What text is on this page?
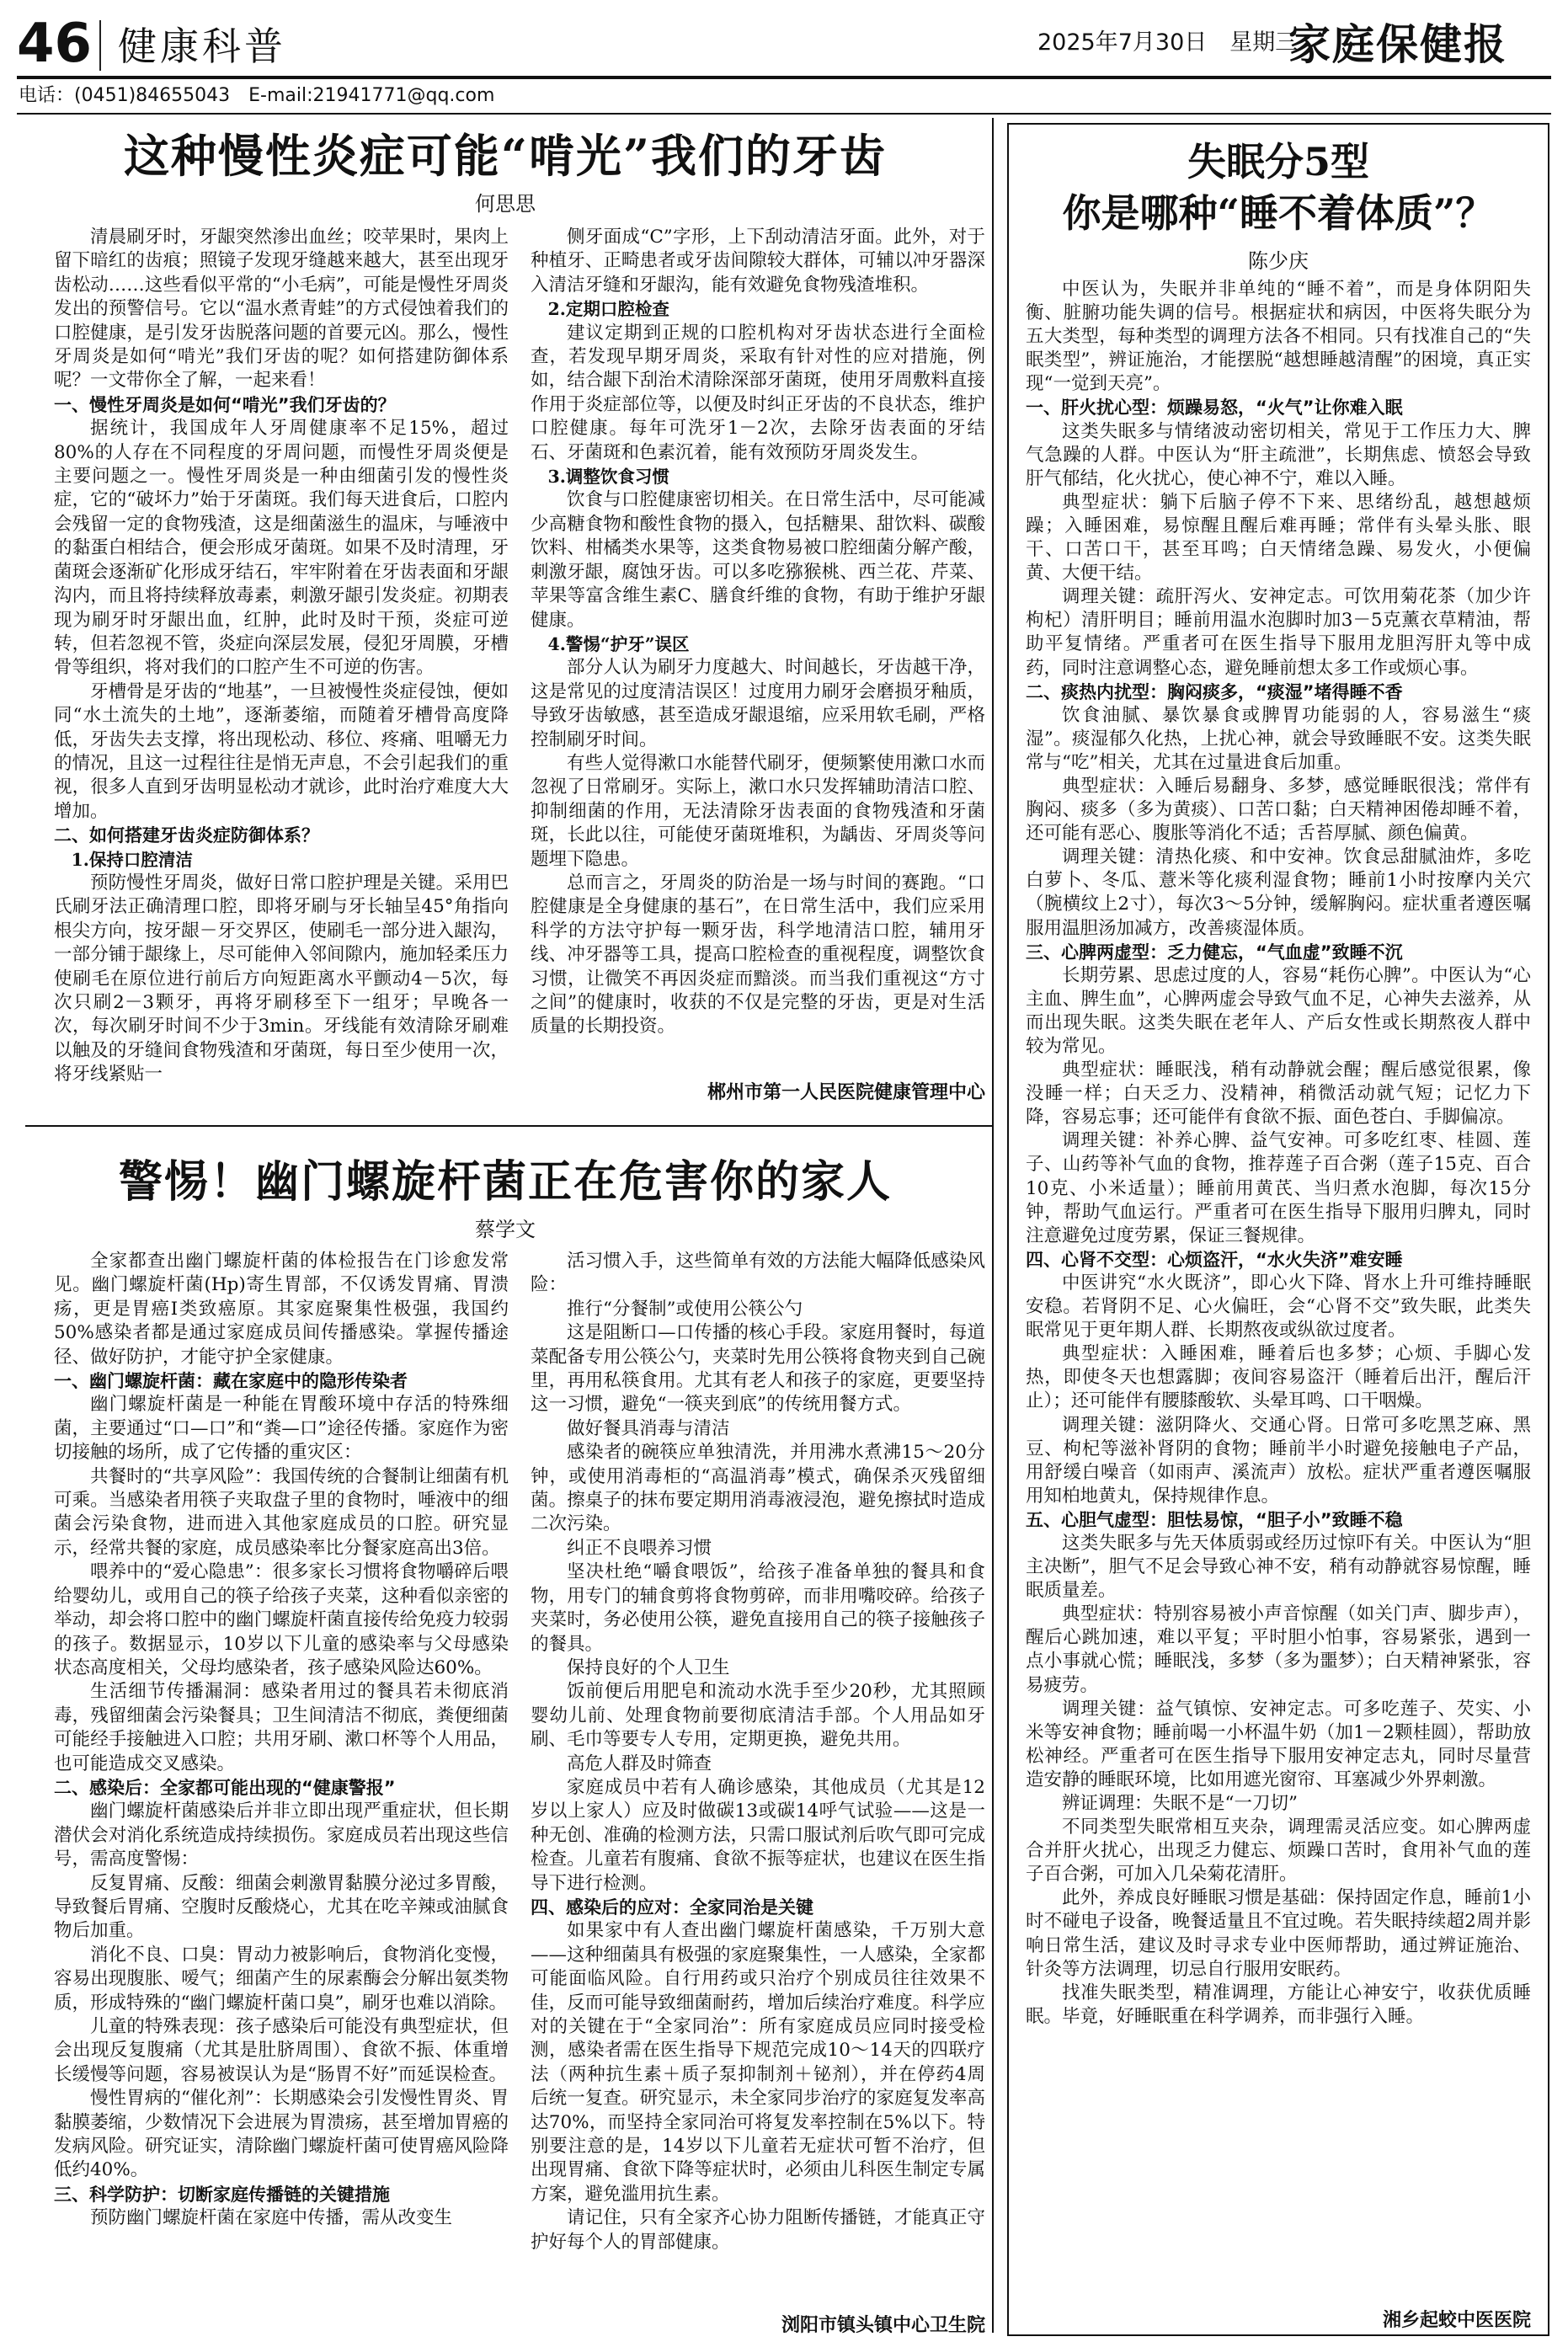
46 健康科普	2025年7月30日　星期三
家庭保健报
电话：(0451)84655043　E-mail:21941771@qq.com
这种慢性炎症可能“啃光”我们的牙齿
何思思

清晨刷牙时，牙龈突然渗出血丝；咬苹果时，果肉上留下暗红的齿痕；照镜子发现牙缝越来越大，甚至出现牙齿松动……这些看似平常的“小毛病”，可能是慢性牙周炎发出的预警信号。它以“温水煮青蛙”的方式侵蚀着我们的口腔健康，是引发牙齿脱落问题的首要元凶。那么，慢性牙周炎是如何“啃光”我们牙齿的呢？如何搭建防御体系呢？一文带你全了解，一起来看！

一、慢性牙周炎是如何“啃光”我们牙齿的？

据统计，我国成年人牙周健康率不足15%，超过80%的人存在不同程度的牙周问题，而慢性牙周炎便是主要问题之一。慢性牙周炎是一种由细菌引发的慢性炎症，它的“破坏力”始于牙菌斑。我们每天进食后，口腔内会残留一定的食物残渣，这是细菌滋生的温床，与唾液中的黏蛋白相结合，便会形成牙菌斑。如果不及时清理，牙菌斑会逐渐矿化形成牙结石，牢牢附着在牙齿表面和牙龈沟内，而且将持续释放毒素，刺激牙龈引发炎症。初期表现为刷牙时牙龈出血，红肿，此时及时干预，炎症可逆转，但若忽视不管，炎症向深层发展，侵犯牙周膜，牙槽骨等组织，将对我们的口腔产生不可逆的伤害。

牙槽骨是牙齿的“地基”，一旦被慢性炎症侵蚀，便如同“水土流失的土地”，逐渐萎缩，而随着牙槽骨高度降低，牙齿失去支撑，将出现松动、移位、疼痛、咀嚼无力的情况，且这一过程往往是悄无声息，不会引起我们的重视，很多人直到牙齿明显松动才就诊，此时治疗难度大大增加。

二、如何搭建牙齿炎症防御体系？

1.保持口腔清洁

预防慢性牙周炎，做好日常口腔护理是关键。采用巴氏刷牙法正确清理口腔，即将牙刷与牙长轴呈45°角指向根尖方向，按牙龈－牙交界区，使刷毛一部分进入龈沟，一部分铺于龈缘上，尽可能伸入邻间隙内，施加轻柔压力使刷毛在原位进行前后方向短距离水平颤动4－5次，每次只刷2－3颗牙，再将牙刷移至下一组牙；早晚各一次，每次刷牙时间不少于3min。牙线能有效清除牙刷难以触及的牙缝间食物残渣和牙菌斑，每日至少使用一次，将牙线紧贴一

侧牙面成“C”字形，上下刮动清洁牙面。此外，对于种植牙、正畸患者或牙齿间隙较大群体，可辅以冲牙器深入清洁牙缝和牙龈沟，能有效避免食物残渣堆积。

2.定期口腔检查

建议定期到正规的口腔机构对牙齿状态进行全面检查，若发现早期牙周炎，采取有针对性的应对措施，例如，结合龈下刮治术清除深部牙菌斑，使用牙周敷料直接作用于炎症部位等，以便及时纠正牙齿的不良状态，维护口腔健康。每年可洗牙1－2次，去除牙齿表面的牙结石、牙菌斑和色素沉着，能有效预防牙周炎发生。

3.调整饮食习惯

饮食与口腔健康密切相关。在日常生活中，尽可能减少高糖食物和酸性食物的摄入，包括糖果、甜饮料、碳酸饮料、柑橘类水果等，这类食物易被口腔细菌分解产酸，刺激牙龈，腐蚀牙齿。可以多吃猕猴桃、西兰花、芹菜、苹果等富含维生素C、膳食纤维的食物，有助于维护牙龈健康。

4.警惕“护牙”误区

部分人认为刷牙力度越大、时间越长，牙齿越干净，这是常见的过度清洁误区！过度用力刷牙会磨损牙釉质，导致牙齿敏感，甚至造成牙龈退缩，应采用软毛刷，严格控制刷牙时间。

有些人觉得漱口水能替代刷牙，便频繁使用漱口水而忽视了日常刷牙。实际上，漱口水只发挥辅助清洁口腔、抑制细菌的作用，无法清除牙齿表面的食物残渣和牙菌斑，长此以往，可能使牙菌斑堆积，为龋齿、牙周炎等问题埋下隐患。

总而言之，牙周炎的防治是一场与时间的赛跑。“口腔健康是全身健康的基石”，在日常生活中，我们应采用科学的方法守护每一颗牙齿，科学地清洁口腔，辅用牙线、冲牙器等工具，提高口腔检查的重视程度，调整饮食习惯，让微笑不再因炎症而黯淡。而当我们重视这“方寸之间”的健康时，收获的不仅是完整的牙齿，更是对生活质量的长期投资。

郴州市第一人民医院健康管理中心
警惕！幽门螺旋杆菌正在危害你的家人
蔡学文

全家都查出幽门螺旋杆菌的体检报告在门诊愈发常见。幽门螺旋杆菌(Hp)寄生胃部，不仅诱发胃痛、胃溃疡，更是胃癌Ⅰ类致癌原。其家庭聚集性极强，我国约50%感染者都是通过家庭成员间传播感染。掌握传播途径、做好防护，才能守护全家健康。

一、幽门螺旋杆菌：藏在家庭中的隐形传染者

幽门螺旋杆菌是一种能在胃酸环境中存活的特殊细菌，主要通过“口—口”和“粪—口”途径传播。家庭作为密切接触的场所，成了它传播的重灾区：

共餐时的“共享风险”：我国传统的合餐制让细菌有机可乘。当感染者用筷子夹取盘子里的食物时，唾液中的细菌会污染食物，进而进入其他家庭成员的口腔。研究显示，经常共餐的家庭，成员感染率比分餐家庭高出3倍。

喂养中的“爱心隐患”：很多家长习惯将食物嚼碎后喂给婴幼儿，或用自己的筷子给孩子夹菜，这种看似亲密的举动，却会将口腔中的幽门螺旋杆菌直接传给免疫力较弱的孩子。数据显示，10岁以下儿童的感染率与父母感染状态高度相关，父母均感染者，孩子感染风险达60%。

生活细节传播漏洞：感染者用过的餐具若未彻底消毒，残留细菌会污染餐具；卫生间清洁不彻底，粪便细菌可能经手接触进入口腔；共用牙刷、漱口杯等个人用品，也可能造成交叉感染。

二、感染后：全家都可能出现的“健康警报”

幽门螺旋杆菌感染后并非立即出现严重症状，但长期潜伏会对消化系统造成持续损伤。家庭成员若出现这些信号，需高度警惕：

反复胃痛、反酸：细菌会刺激胃黏膜分泌过多胃酸，导致餐后胃痛、空腹时反酸烧心，尤其在吃辛辣或油腻食物后加重。

消化不良、口臭：胃动力被影响后，食物消化变慢，容易出现腹胀、嗳气；细菌产生的尿素酶会分解出氨类物质，形成特殊的“幽门螺旋杆菌口臭”，刷牙也难以消除。

儿童的特殊表现：孩子感染后可能没有典型症状，但会出现反复腹痛（尤其是肚脐周围）、食欲不振、体重增长缓慢等问题，容易被误认为是“肠胃不好”而延误检查。

慢性胃病的“催化剂”：长期感染会引发慢性胃炎、胃黏膜萎缩，少数情况下会进展为胃溃疡，甚至增加胃癌的发病风险。研究证实，清除幽门螺旋杆菌可使胃癌风险降低约40%。

三、科学防护：切断家庭传播链的关键措施

预防幽门螺旋杆菌在家庭中传播，需从改变生

活习惯入手，这些简单有效的方法能大幅降低感染风险：

推行“分餐制”或使用公筷公勺

这是阻断口—口传播的核心手段。家庭用餐时，每道菜配备专用公筷公勺，夹菜时先用公筷将食物夹到自己碗里，再用私筷食用。尤其有老人和孩子的家庭，更要坚持这一习惯，避免“一筷夹到底”的传统用餐方式。

做好餐具消毒与清洁

感染者的碗筷应单独清洗，并用沸水煮沸15～20分钟，或使用消毒柜的“高温消毒”模式，确保杀灭残留细菌。擦桌子的抹布要定期用消毒液浸泡，避免擦拭时造成二次污染。

纠正不良喂养习惯

坚决杜绝“嚼食喂饭”，给孩子准备单独的餐具和食物，用专门的辅食剪将食物剪碎，而非用嘴咬碎。给孩子夹菜时，务必使用公筷，避免直接用自己的筷子接触孩子的餐具。

保持良好的个人卫生

饭前便后用肥皂和流动水洗手至少20秒，尤其照顾婴幼儿前、处理食物前要彻底清洁手部。个人用品如牙刷、毛巾等要专人专用，定期更换，避免共用。

高危人群及时筛查

家庭成员中若有人确诊感染，其他成员（尤其是12岁以上家人）应及时做碳13或碳14呼气试验——这是一种无创、准确的检测方法，只需口服试剂后吹气即可完成检查。儿童若有腹痛、食欲不振等症状，也建议在医生指导下进行检测。

四、感染后的应对：全家同治是关键

如果家中有人查出幽门螺旋杆菌感染，千万别大意——这种细菌具有极强的家庭聚集性，一人感染，全家都可能面临风险。自行用药或只治疗个别成员往往效果不佳，反而可能导致细菌耐药，增加后续治疗难度。科学应对的关键在于“全家同治”：所有家庭成员应同时接受检测，感染者需在医生指导下规范完成10～14天的四联疗法（两种抗生素＋质子泵抑制剂＋铋剂），并在停药4周后统一复查。研究显示，未全家同步治疗的家庭复发率高达70%，而坚持全家同治可将复发率控制在5%以下。特别要注意的是，14岁以下儿童若无症状可暂不治疗，但出现胃痛、食欲下降等症状时，必须由儿科医生制定专属方案，避免滥用抗生素。

请记住，只有全家齐心协力阻断传播链，才能真正守护好每个人的胃部健康。

浏阳市镇头镇中心卫生院
失眠分5型
你是哪种“睡不着体质”？
陈少庆

中医认为，失眠并非单纯的“睡不着”，而是身体阴阳失衡、脏腑功能失调的信号。根据症状和病因，中医将失眠分为五大类型，每种类型的调理方法各不相同。只有找准自己的“失眠类型”，辨证施治，才能摆脱“越想睡越清醒”的困境，真正实现“一觉到天亮”。

一、肝火扰心型：烦躁易怒，“火气”让你难入眠

这类失眠多与情绪波动密切相关，常见于工作压力大、脾气急躁的人群。中医认为“肝主疏泄”，长期焦虑、愤怒会导致肝气郁结，化火扰心，使心神不宁，难以入睡。

典型症状：躺下后脑子停不下来、思绪纷乱，越想越烦躁；入睡困难，易惊醒且醒后难再睡；常伴有头晕头胀、眼干、口苦口干，甚至耳鸣；白天情绪急躁、易发火，小便偏黄、大便干结。

调理关键：疏肝泻火、安神定志。可饮用菊花茶（加少许枸杞）清肝明目；睡前用温水泡脚时加3－5克薰衣草精油，帮助平复情绪。严重者可在医生指导下服用龙胆泻肝丸等中成药，同时注意调整心态，避免睡前想太多工作或烦心事。

二、痰热内扰型：胸闷痰多，“痰湿”堵得睡不香

饮食油腻、暴饮暴食或脾胃功能弱的人，容易滋生“痰湿”。痰湿郁久化热，上扰心神，就会导致睡眠不安。这类失眠常与“吃”相关，尤其在过量进食后加重。

典型症状：入睡后易翻身、多梦，感觉睡眠很浅；常伴有胸闷、痰多（多为黄痰）、口苦口黏；白天精神困倦却睡不着，还可能有恶心、腹胀等消化不适；舌苔厚腻、颜色偏黄。

调理关键：清热化痰、和中安神。饮食忌甜腻油炸，多吃白萝卜、冬瓜、薏米等化痰利湿食物；睡前1小时按摩内关穴（腕横纹上2寸），每次3～5分钟，缓解胸闷。症状重者遵医嘱服用温胆汤加减方，改善痰湿体质。

三、心脾两虚型：乏力健忘，“气血虚”致睡不沉

长期劳累、思虑过度的人，容易“耗伤心脾”。中医认为“心主血、脾生血”，心脾两虚会导致气血不足，心神失去滋养，从而出现失眠。这类失眠在老年人、产后女性或长期熬夜人群中较为常见。

典型症状：睡眠浅，稍有动静就会醒；醒后感觉很累，像没睡一样；白天乏力、没精神，稍微活动就气短；记忆力下降，容易忘事；还可能伴有食欲不振、面色苍白、手脚偏凉。

调理关键：补养心脾、益气安神。可多吃红枣、桂圆、莲子、山药等补气血的食物，推荐莲子百合粥（莲子15克、百合10克、小米适量）；睡前用黄芪、当归煮水泡脚，每次15分钟，帮助气血运行。严重者可在医生指导下服用归脾丸，同时注意避免过度劳累，保证三餐规律。

四、心肾不交型：心烦盗汗，“水火失济”难安睡

中医讲究“水火既济”，即心火下降、肾水上升可维持睡眠安稳。若肾阴不足、心火偏旺，会“心肾不交”致失眠，此类失眠常见于更年期人群、长期熬夜或纵欲过度者。

典型症状：入睡困难，睡着后也多梦；心烦、手脚心发热，即使冬天也想露脚；夜间容易盗汗（睡着后出汗，醒后汗止）；还可能伴有腰膝酸软、头晕耳鸣、口干咽燥。

调理关键：滋阴降火、交通心肾。日常可多吃黑芝麻、黑豆、枸杞等滋补肾阴的食物；睡前半小时避免接触电子产品，用舒缓白噪音（如雨声、溪流声）放松。症状严重者遵医嘱服用知柏地黄丸，保持规律作息。

五、心胆气虚型：胆怯易惊，“胆子小”致睡不稳

这类失眠多与先天体质弱或经历过惊吓有关。中医认为“胆主决断”，胆气不足会导致心神不安，稍有动静就容易惊醒，睡眠质量差。

典型症状：特别容易被小声音惊醒（如关门声、脚步声），醒后心跳加速，难以平复；平时胆小怕事，容易紧张，遇到一点小事就心慌；睡眠浅，多梦（多为噩梦）；白天精神紧张，容易疲劳。

调理关键：益气镇惊、安神定志。可多吃莲子、芡实、小米等安神食物；睡前喝一小杯温牛奶（加1－2颗桂圆），帮助放松神经。严重者可在医生指导下服用安神定志丸，同时尽量营造安静的睡眠环境，比如用遮光窗帘、耳塞减少外界刺激。

辨证调理：失眠不是“一刀切”

不同类型失眠常相互夹杂，调理需灵活应变。如心脾两虚合并肝火扰心，出现乏力健忘、烦躁口苦时，食用补气血的莲子百合粥，可加入几朵菊花清肝。

此外，养成良好睡眠习惯是基础：保持固定作息，睡前1小时不碰电子设备，晚餐适量且不宜过晚。若失眠持续超2周并影响日常生活，建议及时寻求专业中医师帮助，通过辨证施治、针灸等方法调理，切忌自行服用安眠药。

找准失眠类型，精准调理，方能让心神安宁，收获优质睡眠。毕竟，好睡眠重在科学调养，而非强行入睡。

湘乡起蛟中医医院
